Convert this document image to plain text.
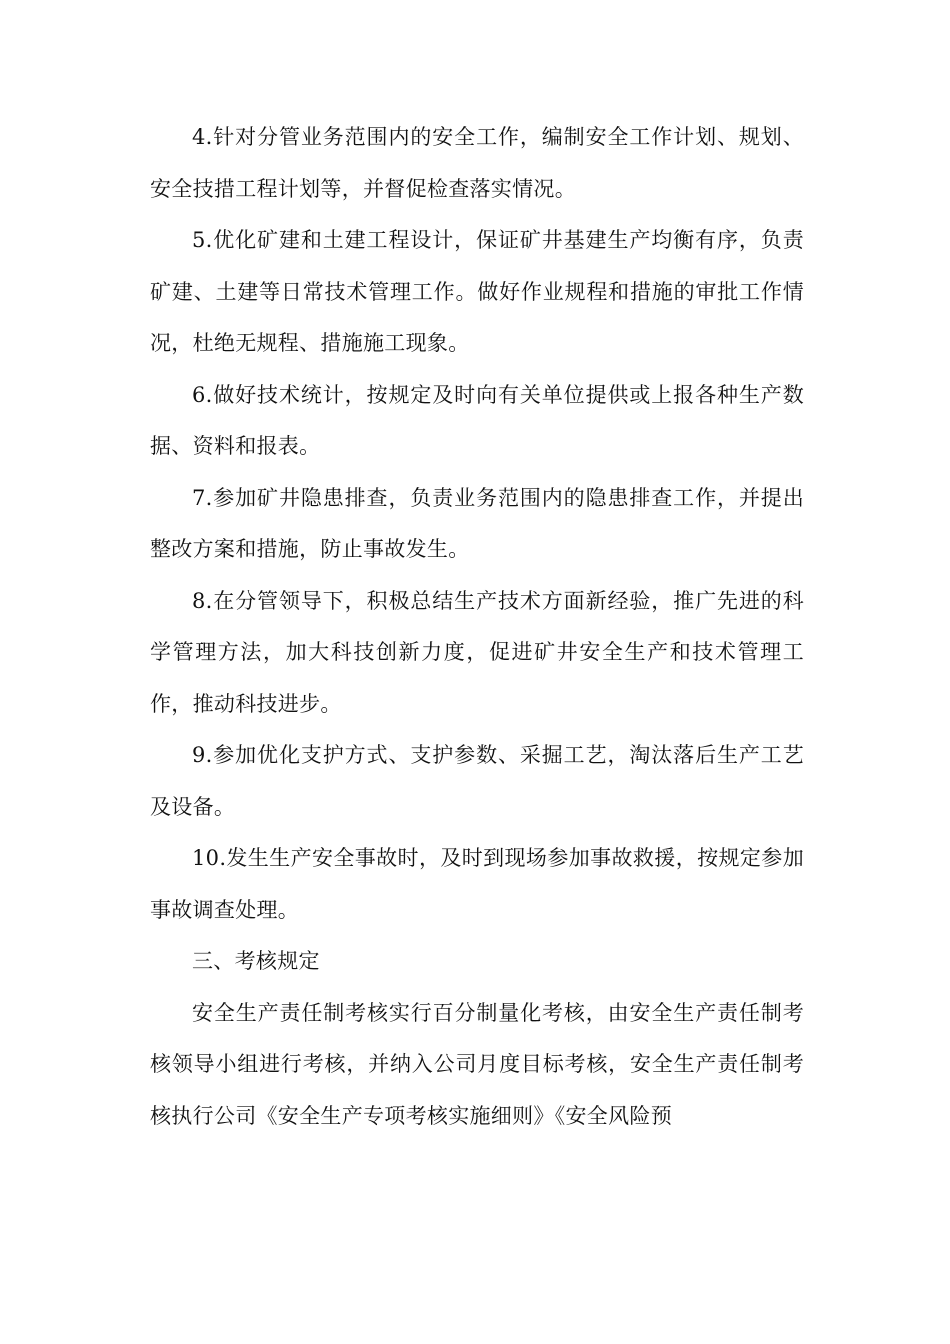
4.针对分管业务范围内的安全工作，编制安全工作计划、规划、安全技措工程计划等，并督促检查落实情况。

5.优化矿建和土建工程设计，保证矿井基建生产均衡有序，负责矿建、土建等日常技术管理工作。做好作业规程和措施的审批工作情况，杜绝无规程、措施施工现象。

6.做好技术统计，按规定及时向有关单位提供或上报各种生产数据、资料和报表。

7.参加矿井隐患排查，负责业务范围内的隐患排查工作，并提出整改方案和措施，防止事故发生。

8.在分管领导下，积极总结生产技术方面新经验，推广先进的科学管理方法，加大科技创新力度，促进矿井安全生产和技术管理工作，推动科技进步。

9.参加优化支护方式、支护参数、采掘工艺，淘汰落后生产工艺及设备。

10.发生生产安全事故时，及时到现场参加事故救援，按规定参加事故调查处理。

三、考核规定

安全生产责任制考核实行百分制量化考核，由安全生产责任制考核领导小组进行考核，并纳入公司月度目标考核，安全生产责任制考核执行公司《安全生产专项考核实施细则》《安全风险预
